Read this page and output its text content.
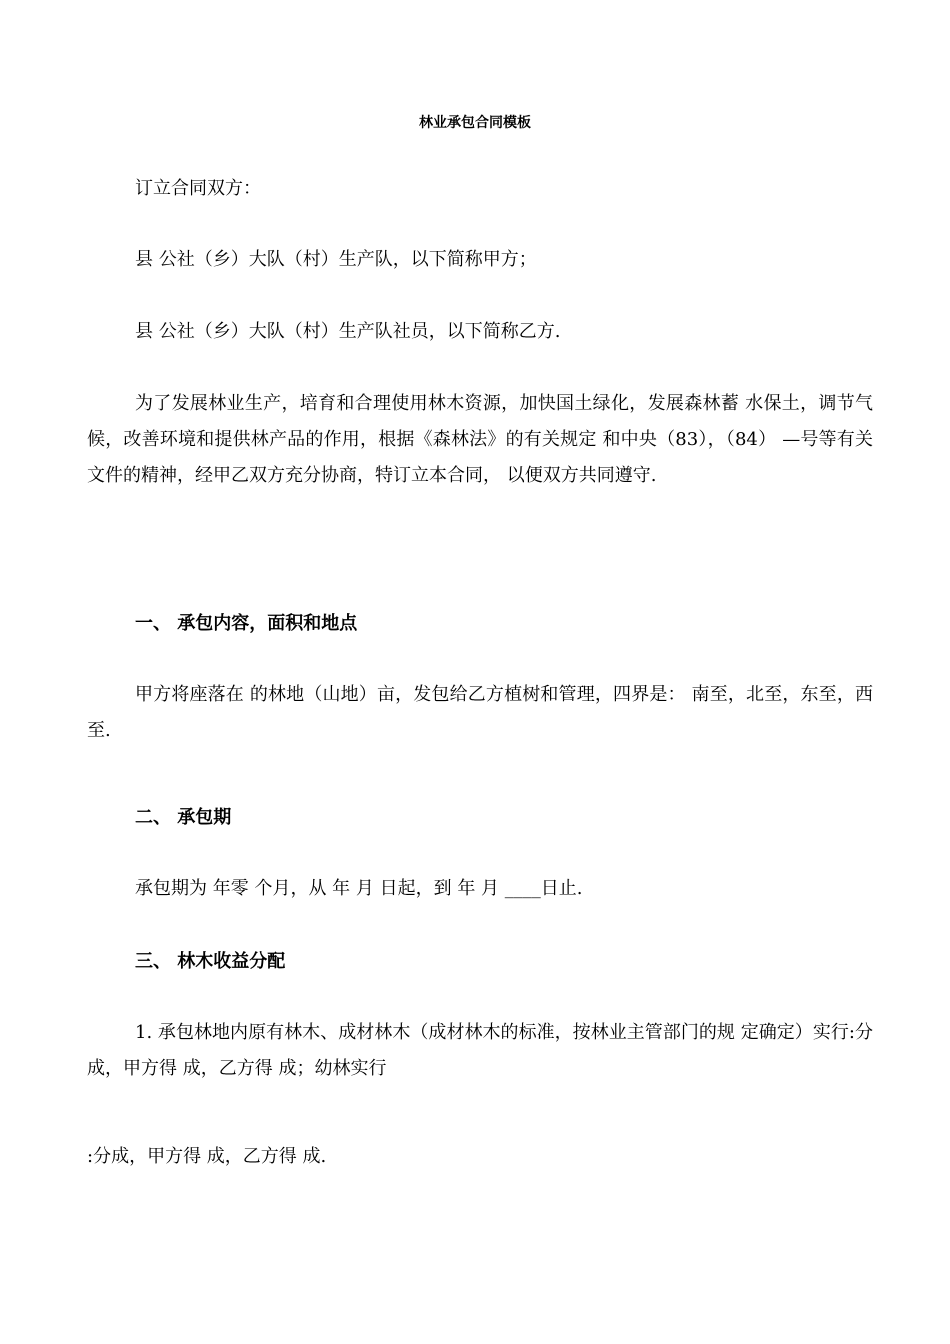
林业承包合同模板

订立合同双方：

县 公社（乡）大队（村）生产队，以下简称甲方；

县 公社（乡）大队（村）生产队社员，以下简称乙方.

为了发展林业生产，培育和合理使用林木资源，加快国土绿化，发展森林蓄 水保土，调节气候，改善环境和提供林产品的作用，根据《森林法》的有关规定 和中央（83），（84） —号等有关文件的精神，经甲乙双方充分协商，特订立本合同， 以便双方共同遵守.

一、 承包内容，面积和地点

甲方将座落在 的林地（山地）亩，发包给乙方植树和管理，四界是： 南至，北至，东至，西至.

二、 承包期

承包期为 年零 个月，从 年 月 日起，到 年 月 ____日止.

三、 林木收益分配

1. 承包林地内原有林木、成材林木（成材林木的标准，按林业主管部门的规 定确定）实行:分成，甲方得 成，乙方得 成；幼林实行

:分成，甲方得 成，乙方得 成.
